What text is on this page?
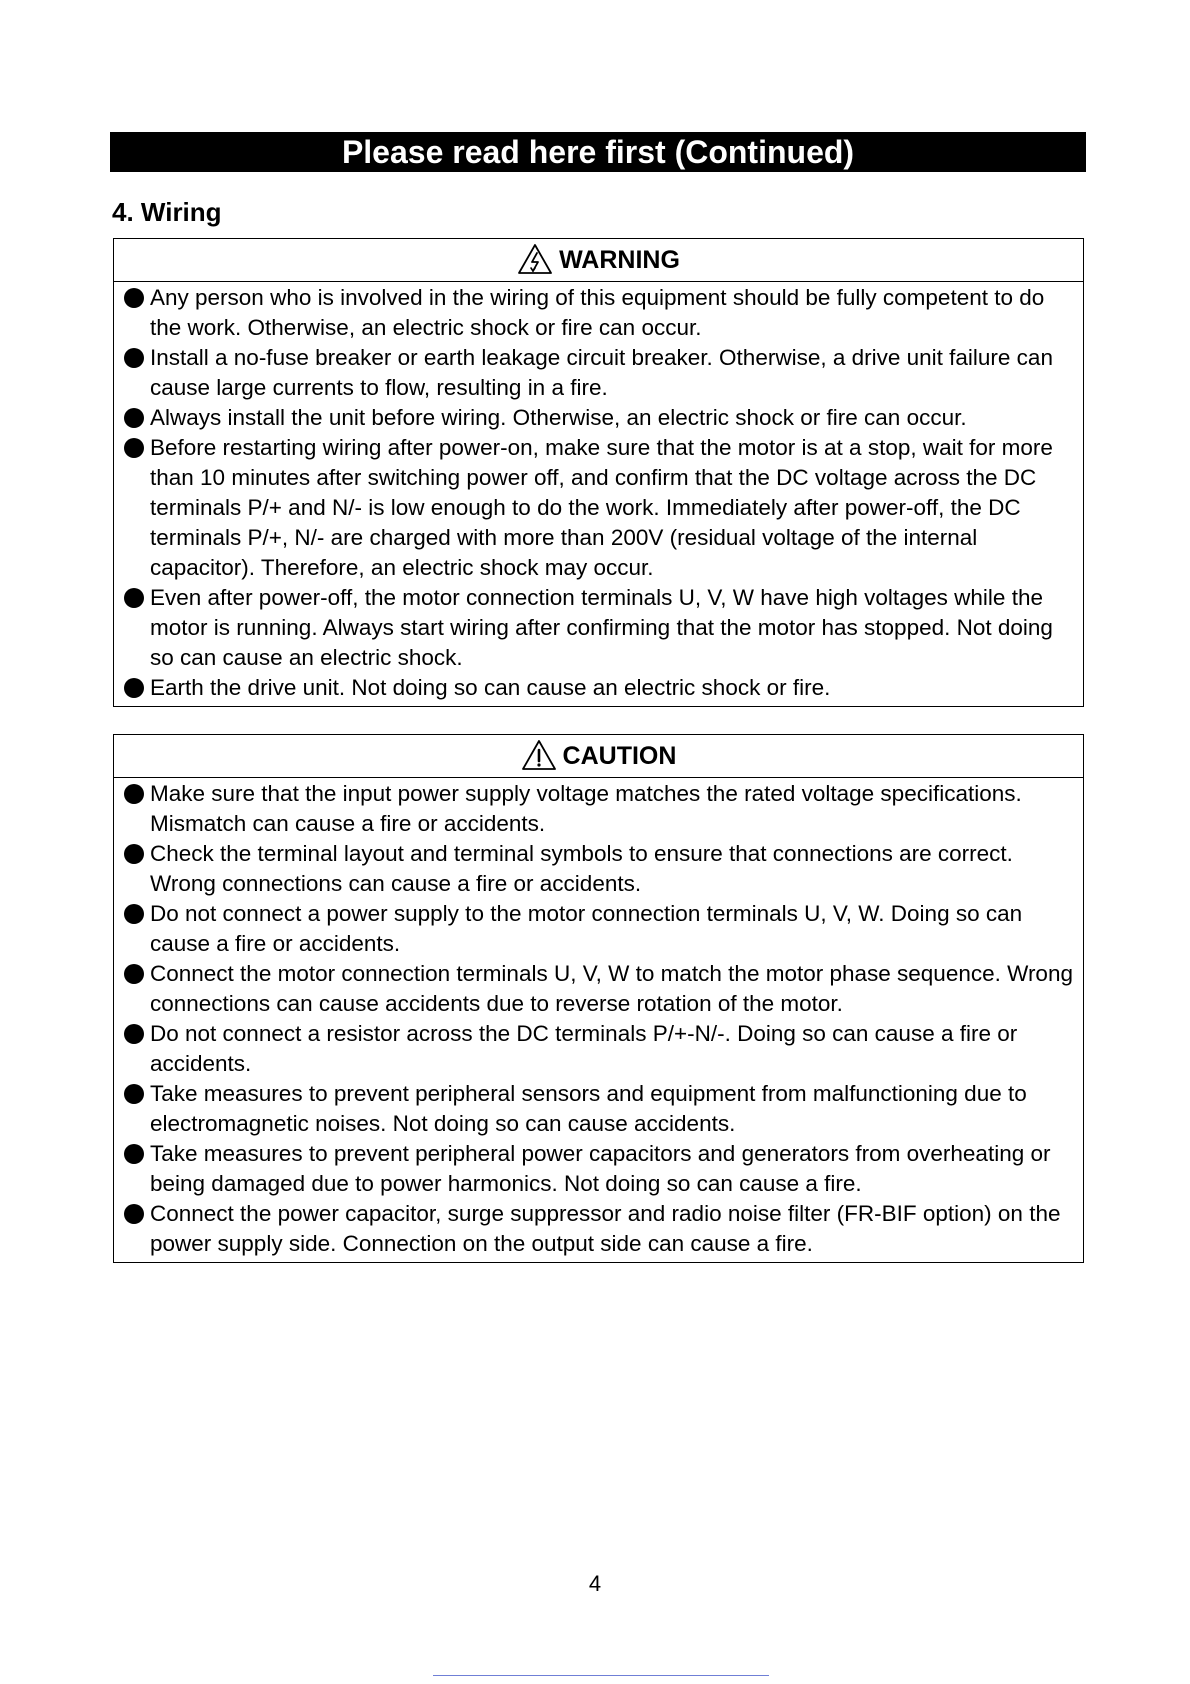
Please read here first (Continued)
4. Wiring
WARNING
Any person who is involved in the wiring of this equipment should be fully competent to do the work. Otherwise, an electric shock or fire can occur.
Install a no-fuse breaker or earth leakage circuit breaker. Otherwise, a drive unit failure can cause large currents to flow, resulting in a fire.
Always install the unit before wiring. Otherwise, an electric shock or fire can occur.
Before restarting wiring after power-on, make sure that the motor is at a stop, wait for more than 10 minutes after switching power off, and confirm that the DC voltage across the DC terminals P/+ and N/- is low enough to do the work. Immediately after power-off, the DC terminals P/+, N/- are charged with more than 200V (residual voltage of the internal capacitor). Therefore, an electric shock may occur.
Even after power-off, the motor connection terminals U, V, W have high voltages while the motor is running. Always start wiring after confirming that the motor has stopped. Not doing so can cause an electric shock.
Earth the drive unit. Not doing so can cause an electric shock or fire.
CAUTION
Make sure that the input power supply voltage matches the rated voltage specifications. Mismatch can cause a fire or accidents.
Check the terminal layout and terminal symbols to ensure that connections are correct. Wrong connections can cause a fire or accidents.
Do not connect a power supply to the motor connection terminals U, V, W. Doing so can cause a fire or accidents.
Connect the motor connection terminals U, V, W to match the motor phase sequence. Wrong connections can cause accidents due to reverse rotation of the motor.
Do not connect a resistor across the DC terminals P/+-N/-. Doing so can cause a fire or accidents.
Take measures to prevent peripheral sensors and equipment from malfunctioning due to electromagnetic noises. Not doing so can cause accidents.
Take measures to prevent peripheral power capacitors and generators from overheating or being damaged due to power harmonics. Not doing so can cause a fire.
Connect the power capacitor, surge suppressor and radio noise filter (FR-BIF option) on the power supply side. Connection on the output side can cause a fire.
4
